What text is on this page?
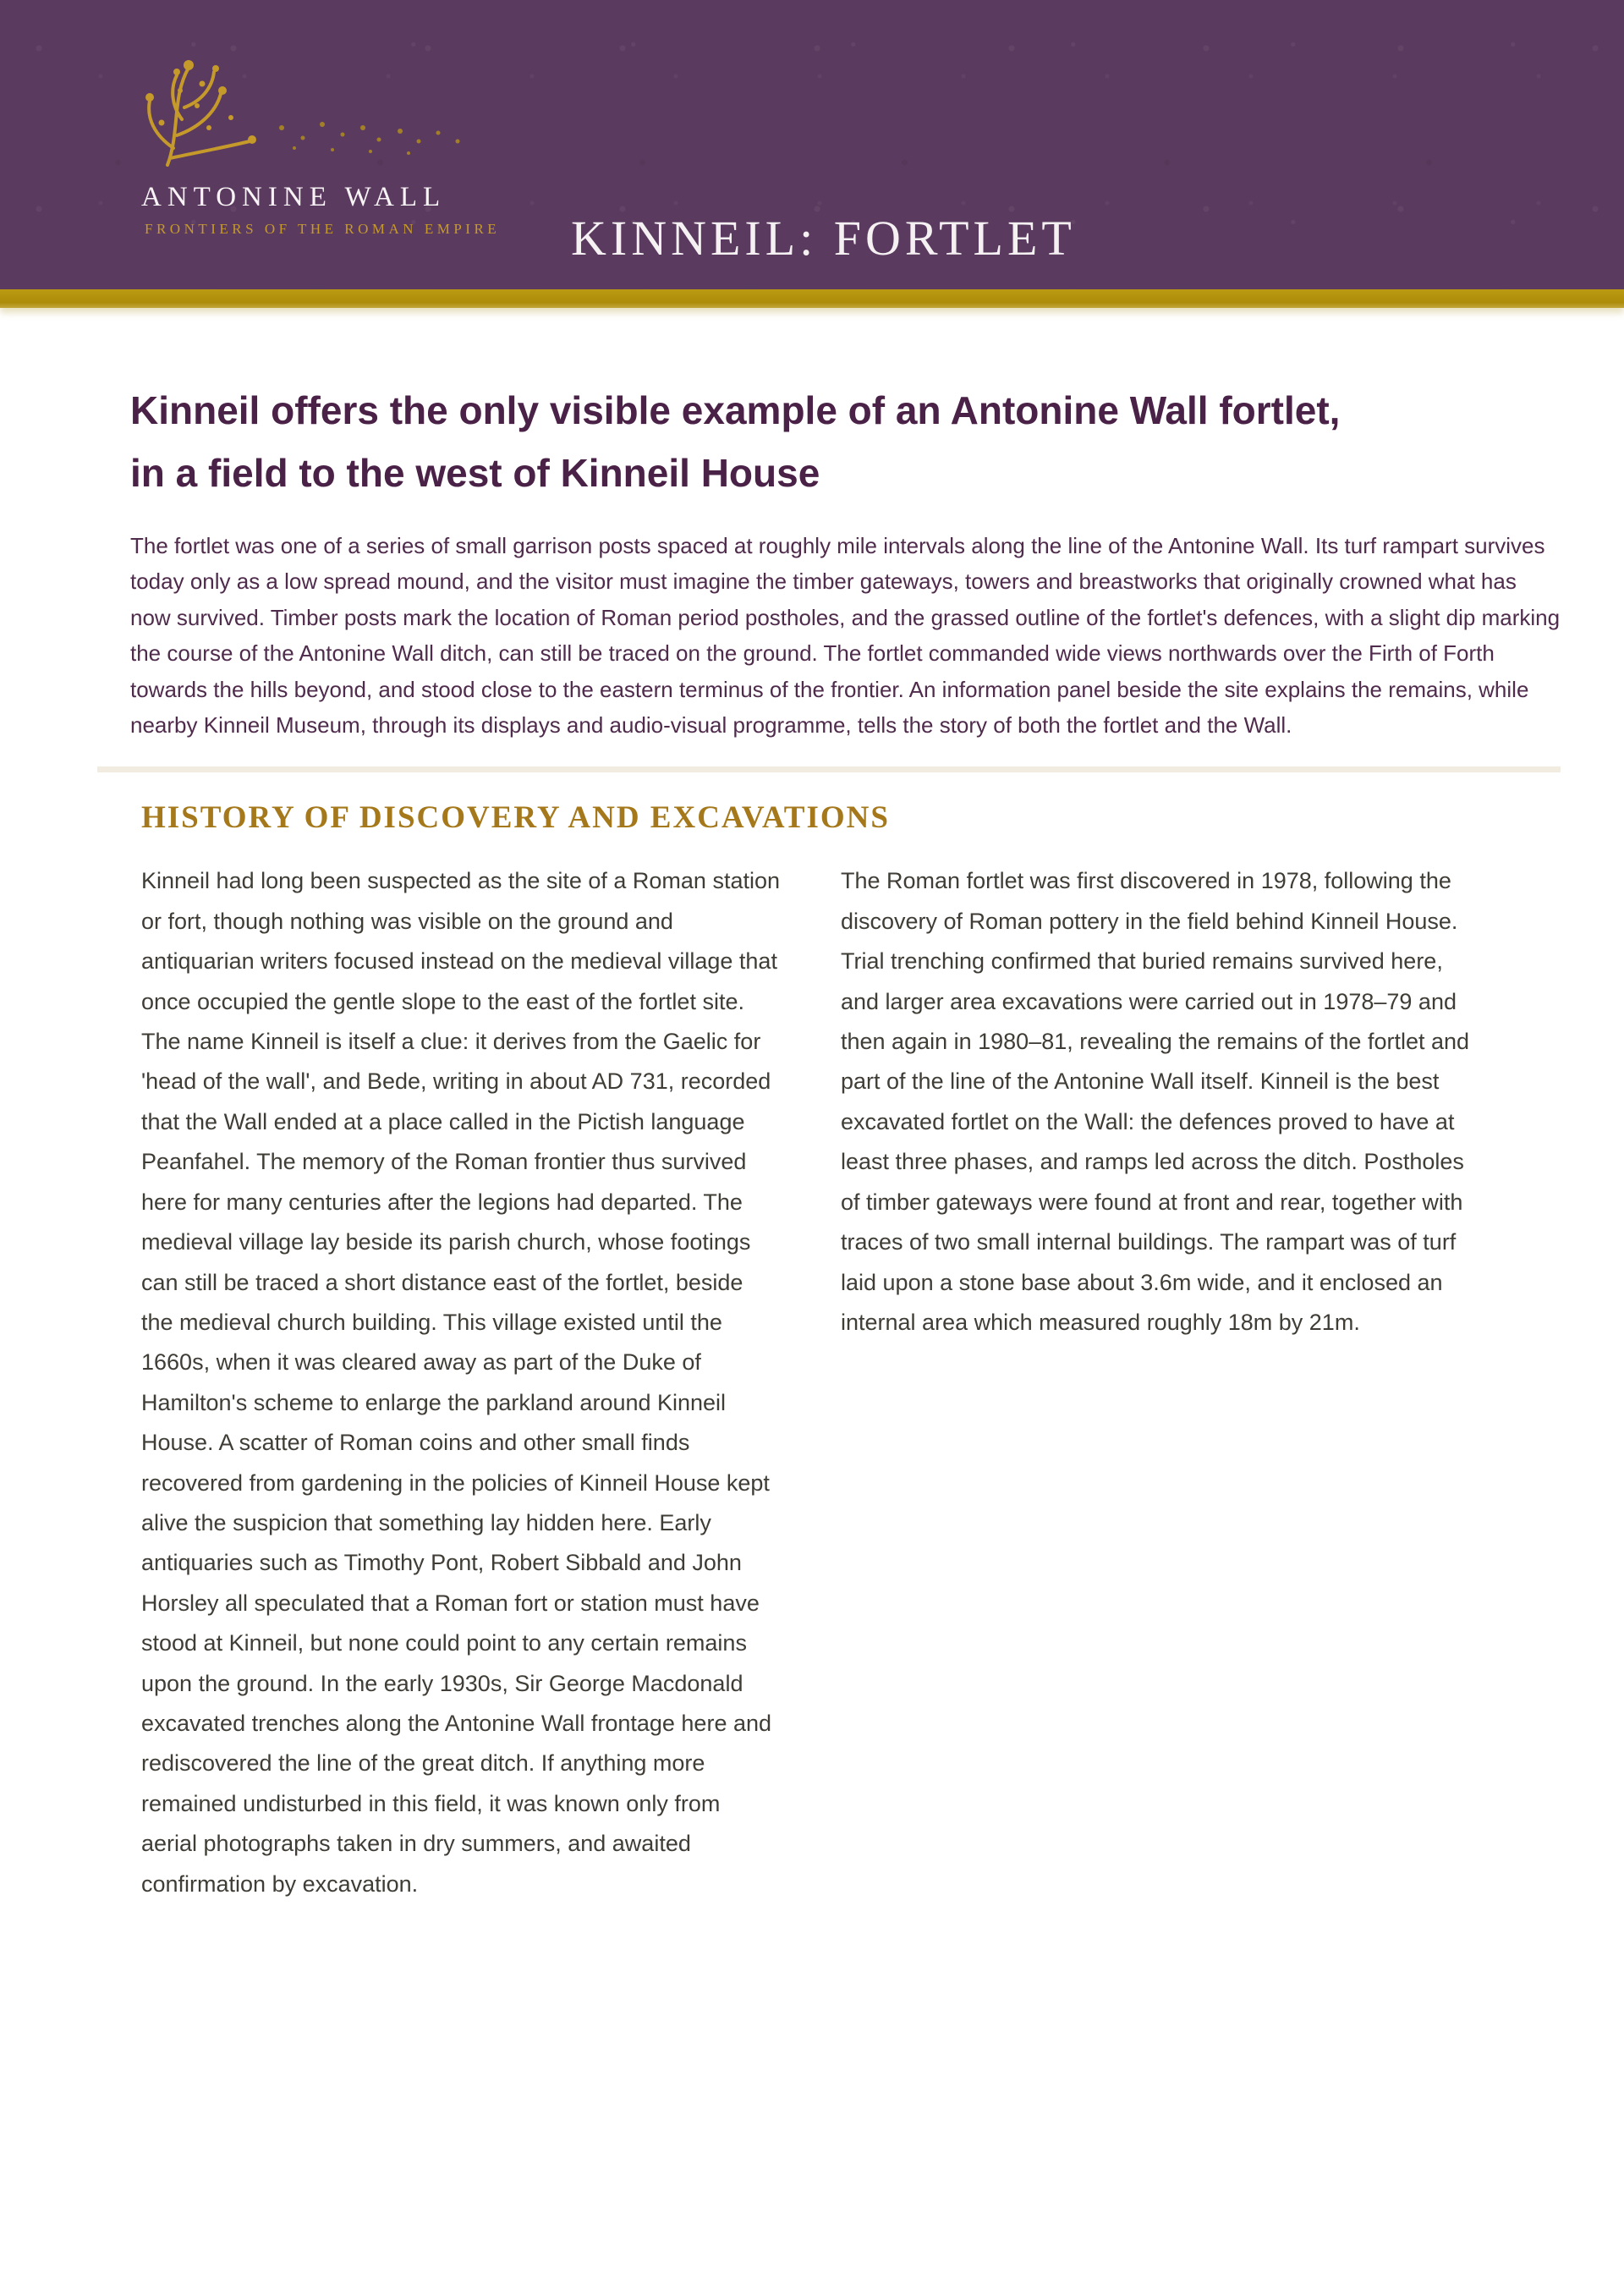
ANTONINE WALL
FRONTIERS OF THE ROMAN EMPIRE	KINNEIL: FORTLET
Kinneil offers the only visible example of an Antonine Wall fortlet,
in a field to the west of Kinneil House

The fortlet was one of a series of small garrison posts spaced at roughly mile intervals along the line of the Antonine Wall. Its turf rampart survives today only as a low spread mound, and the visitor must imagine the timber gateways, towers and breastworks that originally crowned what has now survived. Timber posts mark the location of Roman period postholes, and the grassed outline of the fortlet's defences, with a slight dip marking the course of the Antonine Wall ditch, can still be traced on the ground. The fortlet commanded wide views northwards over the Firth of Forth towards the hills beyond, and stood close to the eastern terminus of the frontier. An information panel beside the site explains the remains, while nearby Kinneil Museum, through its displays and audio-visual programme, tells the story of both the fortlet and the Wall.

HISTORY OF DISCOVERY AND EXCAVATIONS
Kinneil had long been suspected as the site of a Roman station or fort, though nothing was visible on the ground and antiquarian writers focused instead on the medieval village that once occupied the gentle slope to the east of the fortlet site. The name Kinneil is itself a clue: it derives from the Gaelic for 'head of the wall', and Bede, writing in about AD 731, recorded that the Wall ended at a place called in the Pictish language Peanfahel. The memory of the Roman frontier thus survived here for many centuries after the legions had departed. The medieval village lay beside its parish church, whose footings can still be traced a short distance east of the fortlet, beside the medieval church building. This village existed until the 1660s, when it was cleared away as part of the Duke of Hamilton's scheme to enlarge the parkland around Kinneil House. A scatter of Roman coins and other small finds recovered from gardening in the policies of Kinneil House kept alive the suspicion that something lay hidden here. Early antiquaries such as Timothy Pont, Robert Sibbald and John Horsley all speculated that a Roman fort or station must have stood at Kinneil, but none could point to any certain remains upon the ground. In the early 1930s, Sir George Macdonald excavated trenches along the Antonine Wall frontage here and rediscovered the line of the great ditch. If anything more remained undisturbed in this field, it was known only from aerial photographs taken in dry summers, and awaited confirmation by excavation.
The Roman fortlet was first discovered in 1978, following the discovery of Roman pottery in the field behind Kinneil House. Trial trenching confirmed that buried remains survived here, and larger area excavations were carried out in 1978–79 and then again in 1980–81, revealing the remains of the fortlet and part of the line of the Antonine Wall itself. Kinneil is the best excavated fortlet on the Wall: the defences proved to have at least three phases, and ramps led across the ditch. Postholes of timber gateways were found at front and rear, together with traces of two small internal buildings. The rampart was of turf laid upon a stone base about 3.6m wide, and it enclosed an internal area which measured roughly 18m by 21m.
